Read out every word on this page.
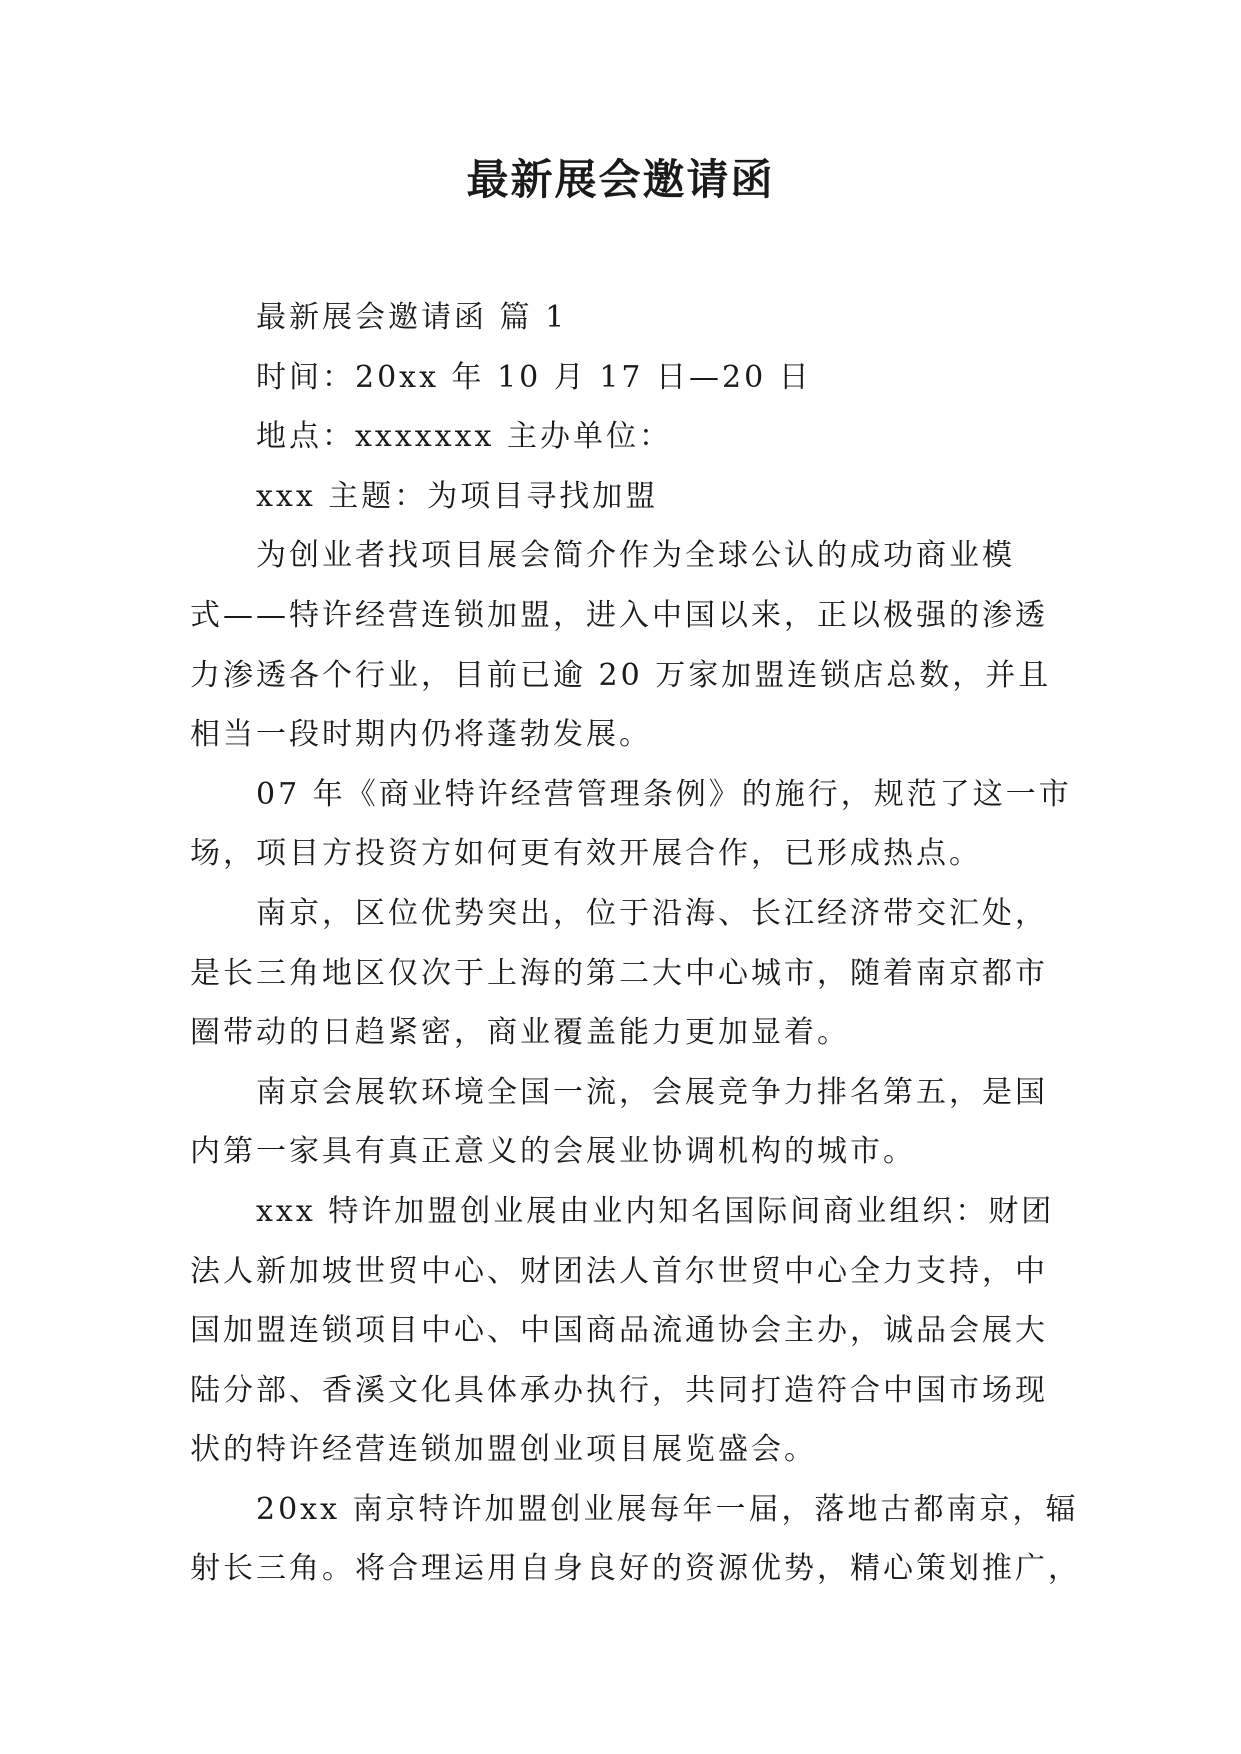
最新展会邀请函
最新展会邀请函 篇 1
时间：20xx 年 10 月 17 日—20 日
地点：xxxxxxx 主办单位：
xxx 主题：为项目寻找加盟
为创业者找项目展会简介作为全球公认的成功商业模
式——特许经营连锁加盟，进入中国以来，正以极强的渗透
力渗透各个行业，目前已逾 20 万家加盟连锁店总数，并且
相当一段时期内仍将蓬勃发展。
07 年《商业特许经营管理条例》的施行，规范了这一市
场，项目方投资方如何更有效开展合作，已形成热点。
南京，区位优势突出，位于沿海、长江经济带交汇处，
是长三角地区仅次于上海的第二大中心城市，随着南京都市
圈带动的日趋紧密，商业覆盖能力更加显着。
南京会展软环境全国一流，会展竞争力排名第五，是国
内第一家具有真正意义的会展业协调机构的城市。
xxx 特许加盟创业展由业内知名国际间商业组织：财团
法人新加坡世贸中心、财团法人首尔世贸中心全力支持，中
国加盟连锁项目中心、中国商品流通协会主办，诚品会展大
陆分部、香溪文化具体承办执行，共同打造符合中国市场现
状的特许经营连锁加盟创业项目展览盛会。
20xx 南京特许加盟创业展每年一届，落地古都南京，辐
射长三角。将合理运用自身良好的资源优势，精心策划推广，
